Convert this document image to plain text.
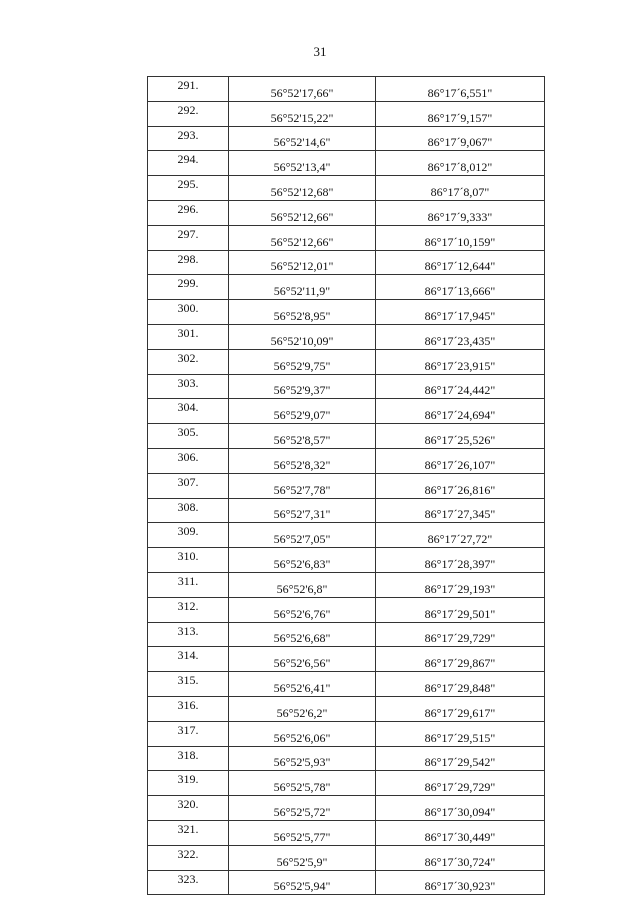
31
291.	56°52'17,66"	86°17´6,551"
292.	56°52'15,22"	86°17´9,157"
293.	56°52'14,6"	86°17´9,067"
294.	56°52'13,4"	86°17´8,012"
295.	56°52'12,68"	86°17´8,07"
296.	56°52'12,66"	86°17´9,333"
297.	56°52'12,66"	86°17´10,159"
298.	56°52'12,01"	86°17´12,644"
299.	56°52'11,9"	86°17´13,666"
300.	56°52'8,95"	86°17´17,945"
301.	56°52'10,09"	86°17´23,435"
302.	56°52'9,75"	86°17´23,915"
303.	56°52'9,37"	86°17´24,442"
304.	56°52'9,07"	86°17´24,694"
305.	56°52'8,57"	86°17´25,526"
306.	56°52'8,32"	86°17´26,107"
307.	56°52'7,78"	86°17´26,816"
308.	56°52'7,31"	86°17´27,345"
309.	56°52'7,05"	86°17´27,72"
310.	56°52'6,83"	86°17´28,397"
311.	56°52'6,8"	86°17´29,193"
312.	56°52'6,76"	86°17´29,501"
313.	56°52'6,68"	86°17´29,729"
314.	56°52'6,56"	86°17´29,867"
315.	56°52'6,41"	86°17´29,848"
316.	56°52'6,2"	86°17´29,617"
317.	56°52'6,06"	86°17´29,515"
318.	56°52'5,93"	86°17´29,542"
319.	56°52'5,78"	86°17´29,729"
320.	56°52'5,72"	86°17´30,094"
321.	56°52'5,77"	86°17´30,449"
322.	56°52'5,9"	86°17´30,724"
323.	56°52'5,94"	86°17´30,923"
